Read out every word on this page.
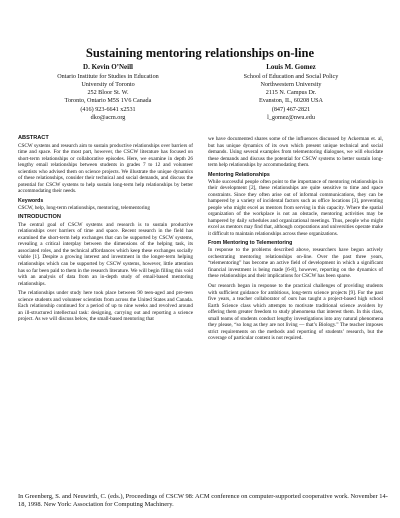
Sustaining mentoring relationships on-line
D. Kevin O’Neill
Ontario Institute for Studies in Education
University of Toronto
252 Bloor St. W.
Toronto, Ontario M5S 1V6 Canada
(416) 923-6641 x2531
dko@acm.org
Louis M. Gomez
School of Education and Social Policy
Northwestern University
2115 N. Campus Dr.
Evanston, IL, 60208 USA
(847) 467-2821
l_gomez@nwu.edu
ABSTRACT

CSCW systems and research aim to sustain productive relationships over barriers of time and space. For the most part, however, the CSCW literature has focused on short-term relationships or collaborative episodes. Here, we examine in depth 26 lengthy email relationships between students in grades 7 to 12 and volunteer scientists who advised them on science projects. We illustrate the unique dynamics of these relationships, consider their technical and social demands, and discuss the potential for CSCW systems to help sustain long-term help relationships by better accommodating their needs.

Keywords

CSCW, help, long-term relationships, mentoring, telementoring

INTRODUCTION

The central goal of CSCW systems and research is to sustain productive relationships over barriers of time and space. Recent research in the field has examined the short-term help exchanges that can be supported by CSCW systems, revealing a critical interplay between the dimensions of the helping task, its associated roles, and the technical affordances which keep these exchanges socially viable [1]. Despite a growing interest and investment in the longer-term helping relationships which can be supported by CSCW systems, however, little attention has so far been paid to them in the research literature. We will begin filling this void with an analysis of data from an in-depth study of email-based mentoring relationships.

The relationships under study here took place between 90 teen-aged and pre-teen science students and volunteer scientists from across the United States and Canada. Each relationship continued for a period of up to nine weeks and revolved around an ill-structured intellectual task: designing, carrying out and reporting a science project. As we will discuss below, the small-based mentoring that

we have documented shares some of the influences discussed by Ackerman et. al, but has unique dynamics of its own which present unique technical and social demands. Using several examples from telementoring dialogues, we will elucidate these demands and discuss the potential for CSCW systems to better sustain long-term help relationships by accommodating them.

Mentoring Relationships

While successful people often point to the importance of mentoring relationships in their development [2], these relationships are quite sensitive to time and space constraints. Since they often arise out of informal communications, they can be hampered by a variety of incidental factors such as office locations [3], preventing people who might excel as mentors from serving in this capacity. Where the spatial organization of the workplace is not an obstacle, mentoring activities may be hampered by daily schedules and organizational meetings. Thus, people who might excel as mentors may find that, although corporations and universities operate make it difficult to maintain relationships across these organizations.

From Mentoring to Telementoring

In response to the problems described above, researchers have begun actively orchestrating mentoring relationships on-line. Over the past three years, “telementoring” has become an active field of development in which a significant financial investment is being made [6-8], however, reporting on the dynamics of these relationships and their implications for CSCW has been sparse.

Our research began in response to the practical challenges of providing students with sufficient guidance for ambitious, long-term science projects [9]. For the past five years, a teacher collaborator of ours has taught a project-based high school Earth Science class which attempts to motivate traditional science avoiders by offering them greater freedom to study phenomena that interest them. In this class, small teams of students conduct lengthy investigations into any natural phenomena they please, “so long as they are not living — that’s Biology.” The teacher imposes strict requirements on the methods and reporting of students’ research, but the coverage of particular content is not required.

In Greenberg, S. and Neuwirth, C. (eds.), Proceedings of CSCW 98: ACM conference on computer-supported cooperative work. November 14-18, 1998. New York: Association for Computing Machinery.
